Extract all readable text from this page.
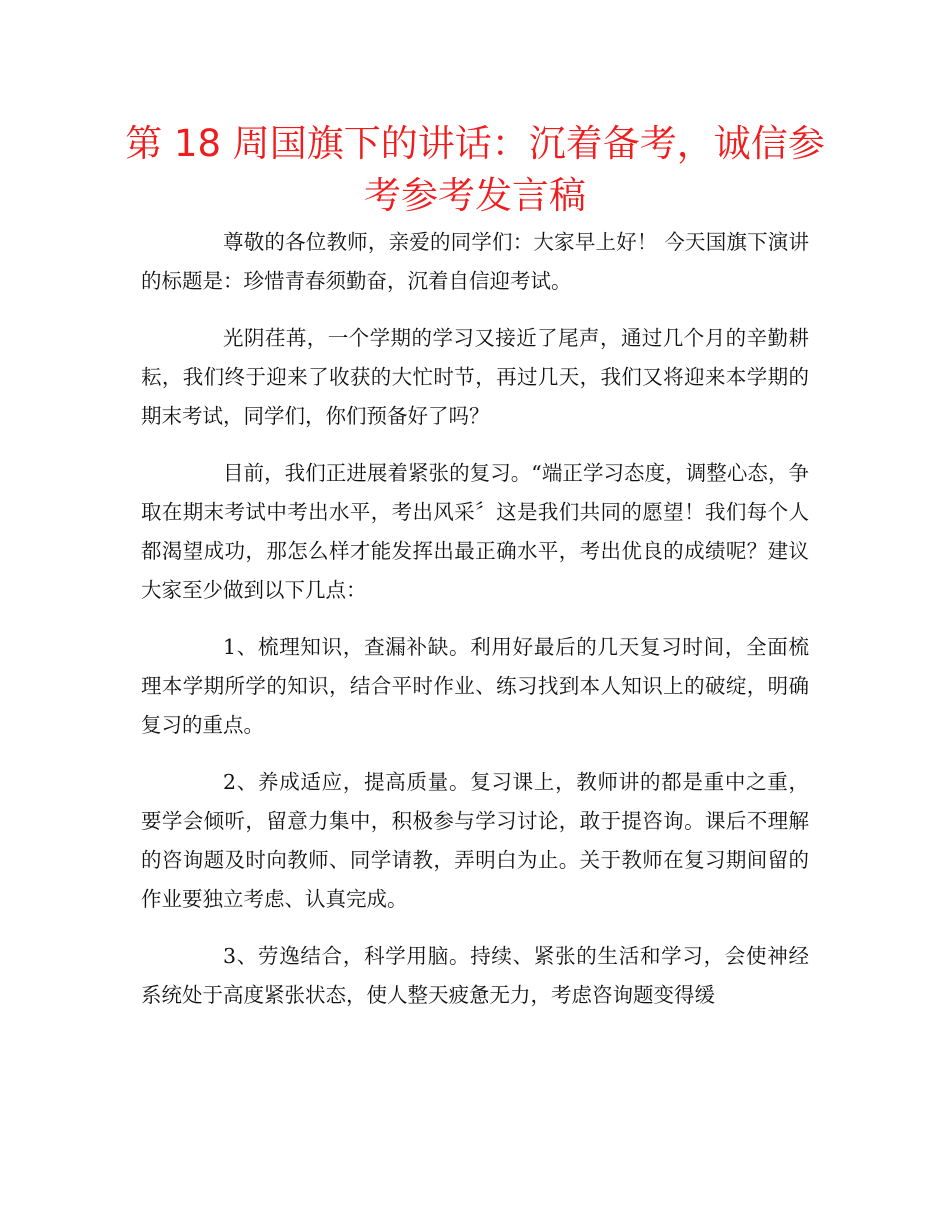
第 18 周国旗下的讲话：沉着备考，诚信参考参考发言稿

尊敬的各位教师，亲爱的同学们：大家早上好！ 今天国旗下演讲的标题是：珍惜青春须勤奋，沉着自信迎考试。

光阴荏苒，一个学期的学习又接近了尾声，通过几个月的辛勤耕耘，我们终于迎来了收获的大忙时节，再过几天，我们又将迎来本学期的期末考试，同学们，你们预备好了吗？

目前，我们正进展着紧张的复习。“端正学习态度，调整心态，争取在期末考试中考出水平，考出风采〞这是我们共同的愿望！我们每个人都渴望成功，那怎么样才能发挥出最正确水平，考出优良的成绩呢？建议大家至少做到以下几点：

1、梳理知识，查漏补缺。利用好最后的几天复习时间，全面梳理本学期所学的知识，结合平时作业、练习找到本人知识上的破绽，明确复习的重点。

2、养成适应，提高质量。复习课上，教师讲的都是重中之重，要学会倾听，留意力集中，积极参与学习讨论，敢于提咨询。课后不理解的咨询题及时向教师、同学请教，弄明白为止。关于教师在复习期间留的作业要独立考虑、认真完成。

3、劳逸结合，科学用脑。持续、紧张的生活和学习，会使神经系统处于高度紧张状态，使人整天疲惫无力，考虑咨询题变得缓
